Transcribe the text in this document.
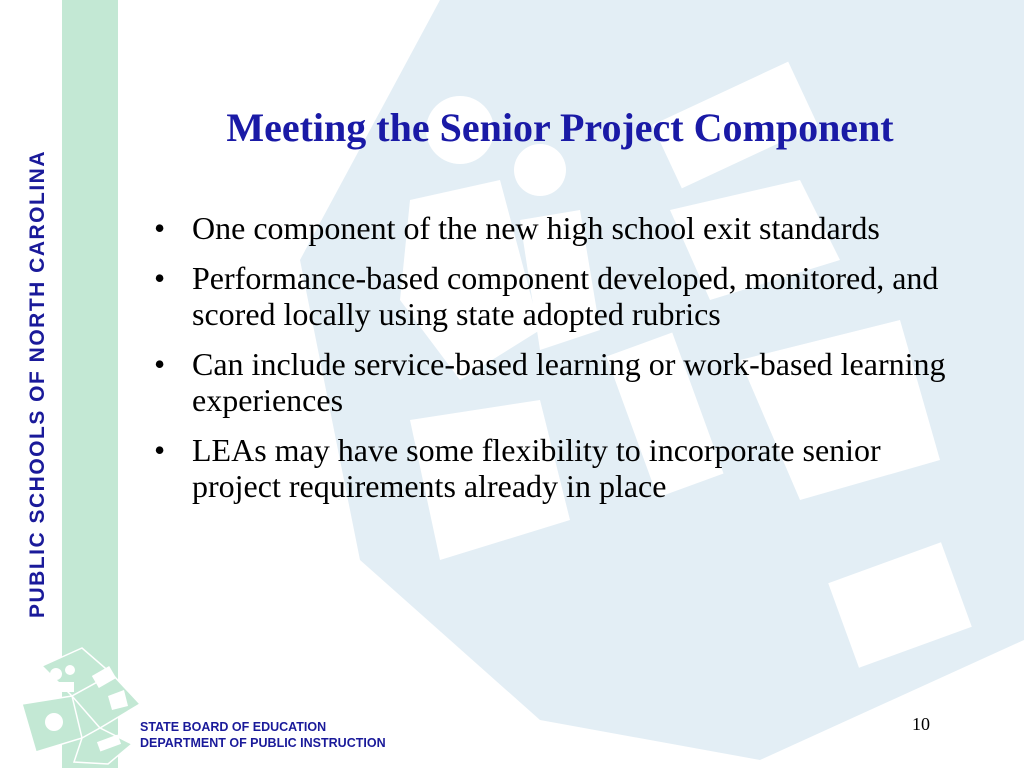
PUBLIC SCHOOLS OF NORTH CAROLINA
Meeting the Senior Project Component
• One component of the new high school exit standards
• Performance-based component developed, monitored, and scored locally using state adopted rubrics
• Can include service-based learning or work-based learning experiences
• LEAs may have some flexibility to incorporate senior project requirements already in place
STATE BOARD OF EDUCATION
DEPARTMENT OF PUBLIC INSTRUCTION
10
